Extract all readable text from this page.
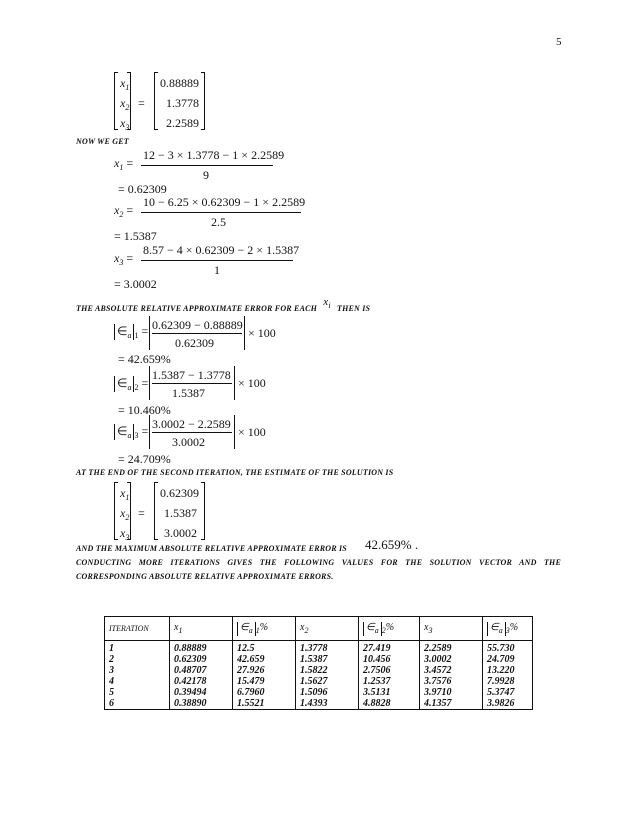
5
$x_1$
$x_2$
$x_3$
=
0.88889
1.3778
2.2589
NOW WE GET
$x_1$ =
12 − 3 × 1.3778 − 1 × 2.2589
9
= 0.62309
$x_2$ =
10 − 6.25 × 0.62309 − 1 × 2.2589
2.5
= 1.5387
$x_3$ =
8.57 − 4 × 0.62309 − 2 × 1.5387
1
= 3.0002
THE ABSOLUTE RELATIVE APPROXIMATE ERROR FOR EACH $x_i$ THEN IS
$\in_a$ $_1$ = 0.62309 − 0.88889
0.62309
× 100
= 42.659%
$\in_a$ $_2$ =
1.5387 − 1.3778
1.5387
× 100
= 10.460%
$\in_a$ $_3$ = 3.0002 − 2.2589
3.0002
× 100
= 24.709%
AT THE END OF THE SECOND ITERATION, THE ESTIMATE OF THE SOLUTION IS
$x_1$
$x_2$
$x_3$
=
0.62309
1.5387
3.0002
AND THE MAXIMUM ABSOLUTE RELATIVE APPROXIMATE ERROR IS 42.659% .
CONDUCTING MORE ITERATIONS GIVES THE FOLLOWING VALUES FOR THE SOLUTION VECTOR AND THE
CORRESPONDING ABSOLUTE RELATIVE APPROXIMATE ERRORS.
ITERATION	$x_1$	$\in_a$ $_1$%	$x_2$	$\in_a$ $_2$%	$x_3$	$\in_a$ $_3$%
1	0.88889	12.5	1.3778	27.419	2.2589	55.730
2	0.62309	42.659	1.5387	10.456	3.0002	24.709
3	0.48707	27.926	1.5822	2.7506	3.4572	13.220
4	0.42178	15.479	1.5627	1.2537	3.7576	7.9928
5	0.39494	6.7960	1.5096	3.5131	3.9710	5.3747
6	0.38890	1.5521	1.4393	4.8828	4.1357	3.9826
